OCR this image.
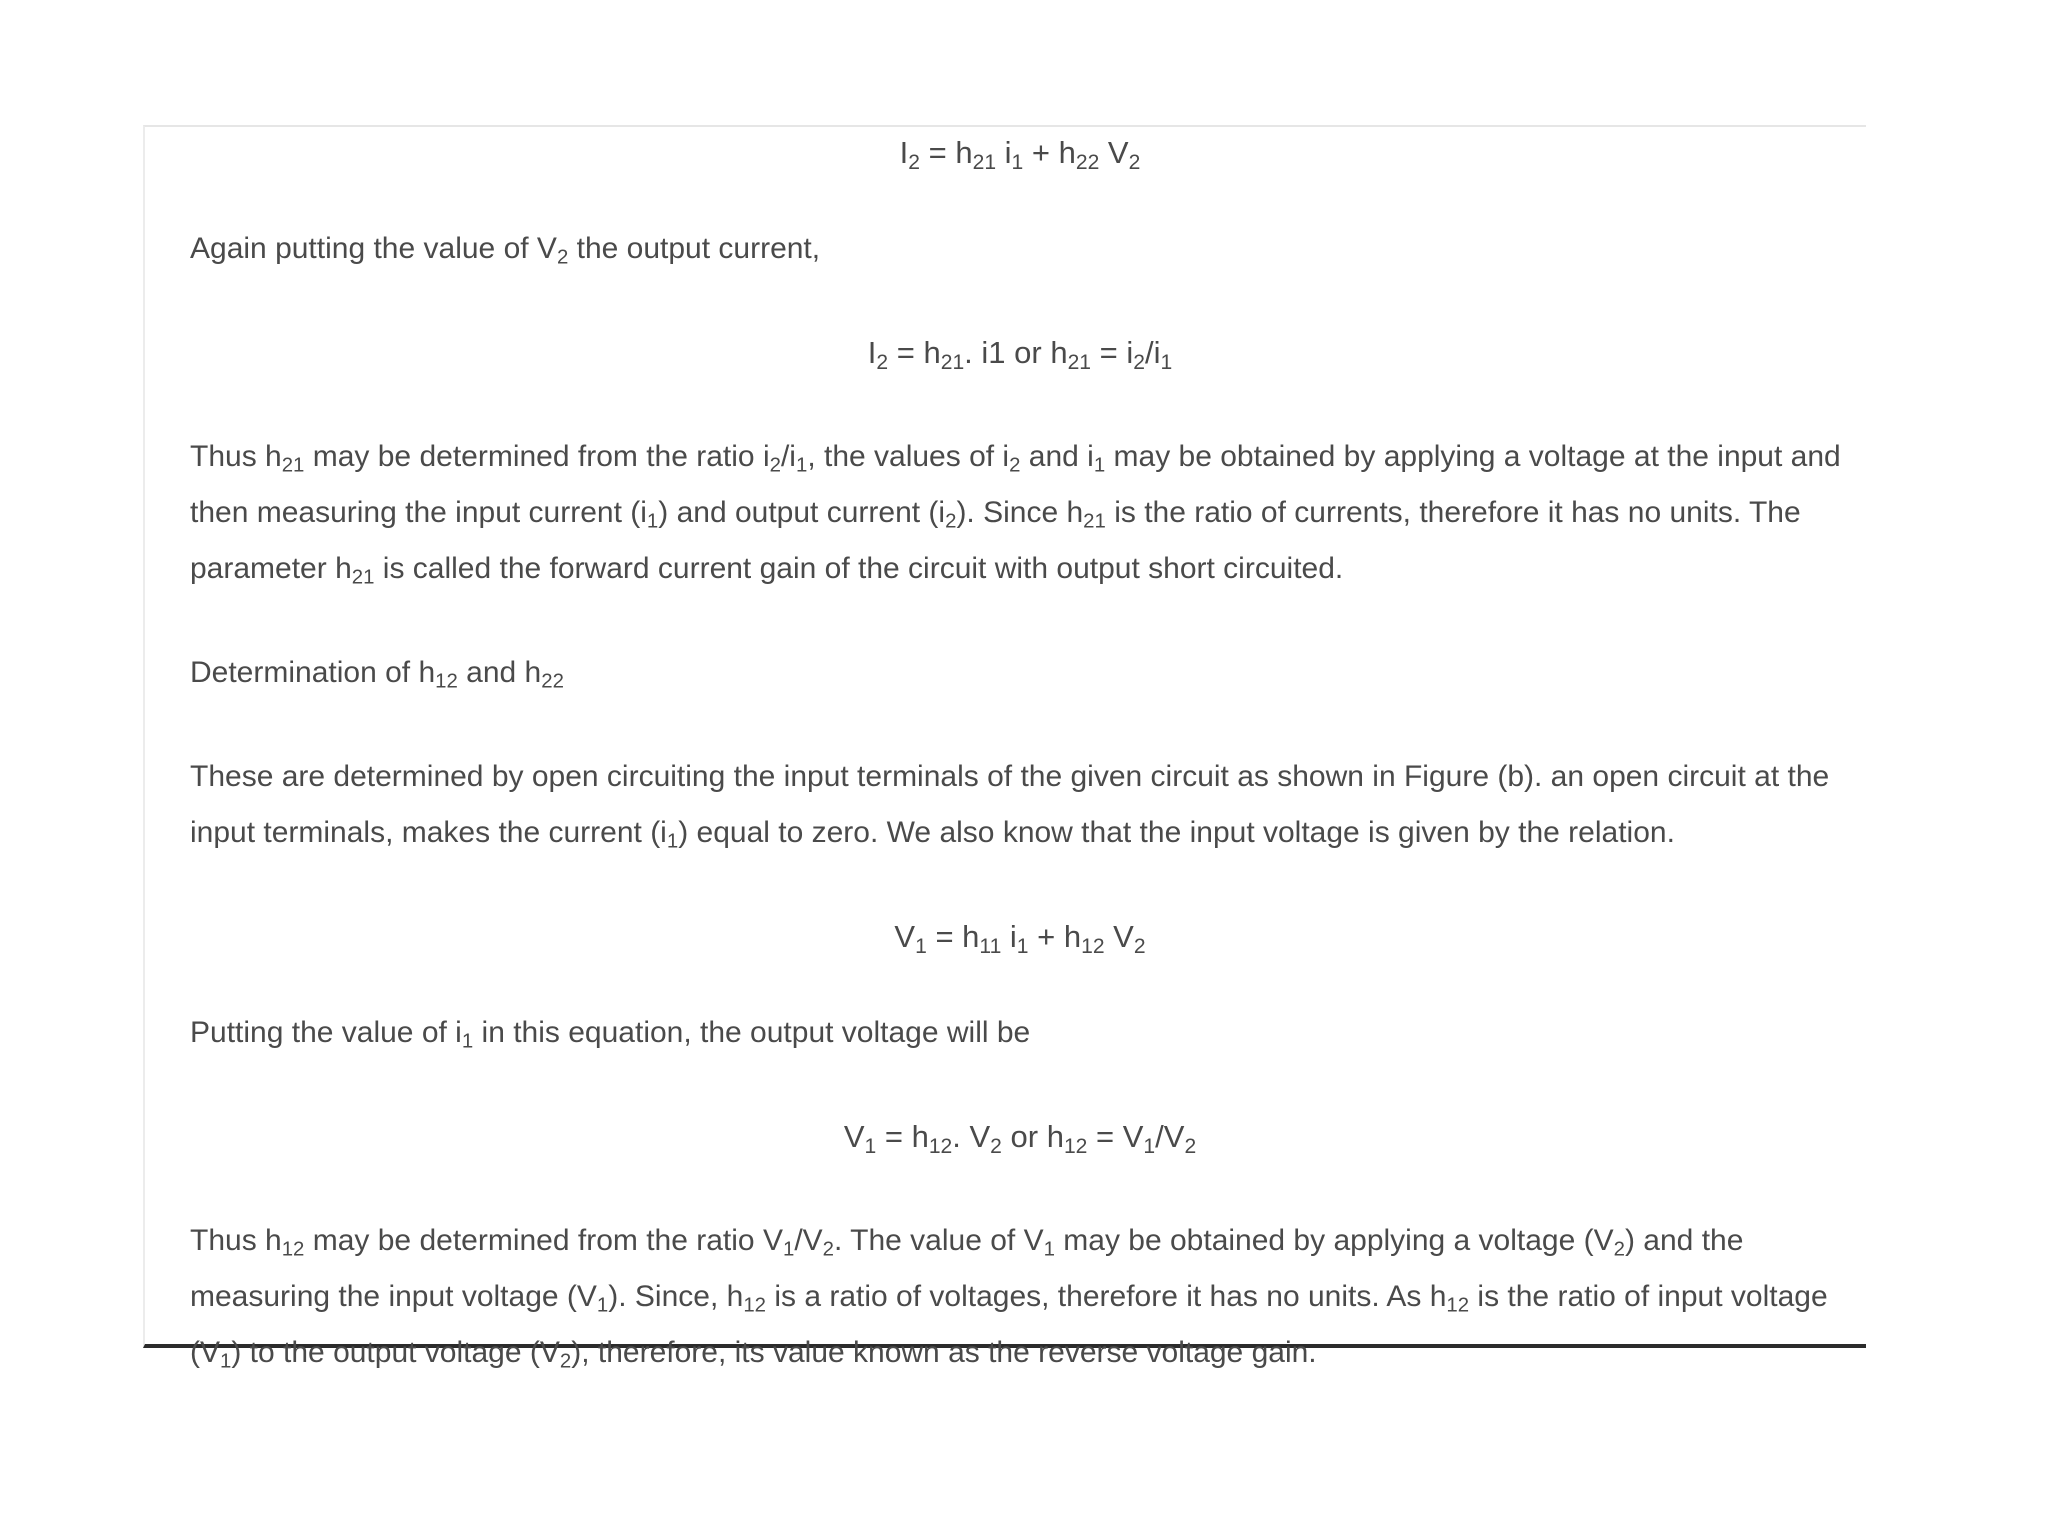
$I_2 = h_{21}$ $i_1 + h_{22}$ $V_2$

Again putting the value of $V_2$ the output current,

$I_2 = h_{21}$. i1 or $h_{21} = i_2/i_1$

Thus $h_{21}$ may be determined from the ratio $i_2/i_1$, the values of $i_2$ and $i_1$ may be obtained by applying a voltage at the input and then measuring the input current $(i_1)$ and output current $(i_2)$. Since $h_{21}$ is the ratio of currents, therefore it has no units. The parameter $h_{21}$ is called the forward current gain of the circuit with output short circuited.

Determination of $h_{12}$ and $h_{22}$

These are determined by open circuiting the input terminals of the given circuit as shown in Figure (b). an open circuit at the input terminals, makes the current $(i_1)$ equal to zero. We also know that the input voltage is given by the relation.

$V_1 = h_{11}$ $i_1 + h_{12}$ $V_2$

Putting the value of $i_1$ in this equation, the output voltage will be

$V_1 = h_{12}$. $V_2$ or $h_{12} = V_1/V_2$

Thus $h_{12}$ may be determined from the ratio $V_1/V_2$. The value of $V_1$ may be obtained by applying a voltage $(V_2)$ and the measuring the input voltage $(V_1)$. Since, $h_{12}$ is a ratio of voltages, therefore it has no units. As $h_{12}$ is the ratio of input voltage $(V_1)$ to the output voltage $(V_2)$, therefore, its value known as the reverse voltage gain.
